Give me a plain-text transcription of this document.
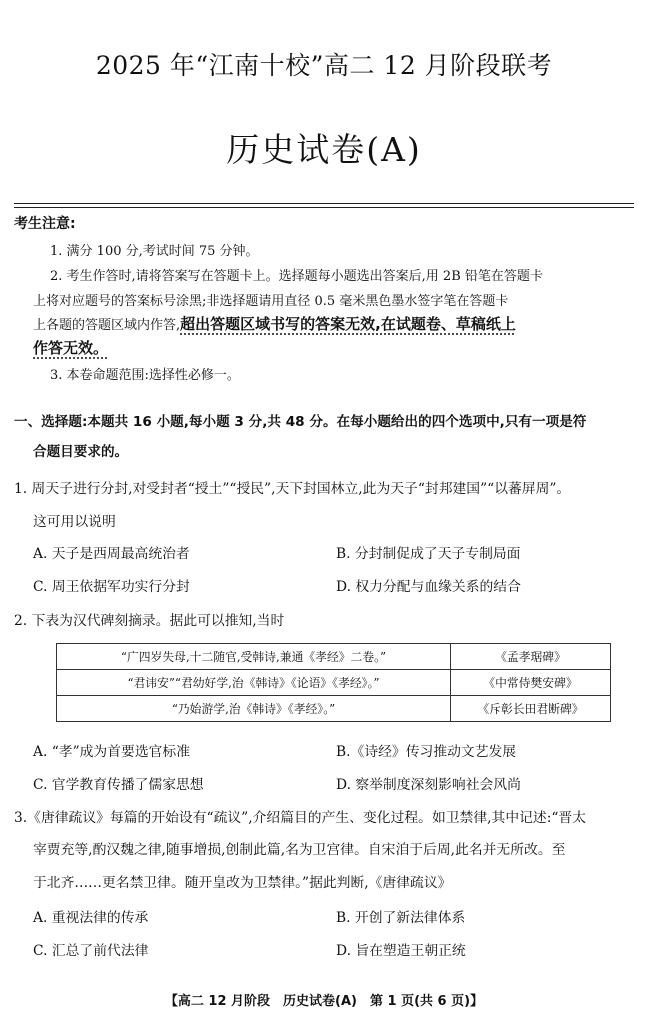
2025 年“江南十校”高二 12 月阶段联考
历史试卷(A)
考生注意:
1. 满分 100 分,考试时间 75 分钟。
2. 考生作答时,请将答案写在答题卡上。选择题每小题选出答案后,用 2B 铅笔在答题卡
上将对应题号的答案标号涂黑;非选择题请用直径 0.5 毫米黑色墨水签字笔在答题卡
上各题的答题区域内作答,超出答题区域书写的答案无效,在试题卷、草稿纸上
作答无效。
3. 本卷命题范围:选择性必修一。
一、选择题:本题共 16 小题,每小题 3 分,共 48 分。在每小题给出的四个选项中,只有一项是符
合题目要求的。
1. 周天子进行分封,对受封者“授土”“授民”,天下封国林立,此为天子“封邦建国”“以蕃屏周”。
这可用以说明
A. 天子是西周最高统治者	B. 分封制促成了天子专制局面
C. 周王依据军功实行分封	D. 权力分配与血缘关系的结合
2. 下表为汉代碑刻摘录。据此可以推知,当时
“广四岁失母,十二随官,受韩诗,兼通《孝经》二卷。”	《孟孝琚碑》
“君讳安”“君幼好学,治《韩诗》《论语》《孝经》。”	《中常侍樊安碑》
“乃始游学,治《韩诗》《孝经》。”	《斥彰长田君断碑》
A. “孝”成为首要选官标准	B.《诗经》传习推动文艺发展
C. 官学教育传播了儒家思想	D. 察举制度深刻影响社会风尚
3.《唐律疏议》每篇的开始设有“疏议”,介绍篇目的产生、变化过程。如卫禁律,其中记述:“晋太
宰贾充等,酌汉魏之律,随事增损,创制此篇,名为卫宫律。自宋洎于后周,此名并无所改。至
于北齐……更名禁卫律。随开皇改为卫禁律。”据此判断,《唐律疏议》
A. 重视法律的传承	B. 开创了新法律体系
C. 汇总了前代法律	D. 旨在塑造王朝正统
【高二 12 月阶段　历史试卷(A)　第 1 页(共 6 页)】
